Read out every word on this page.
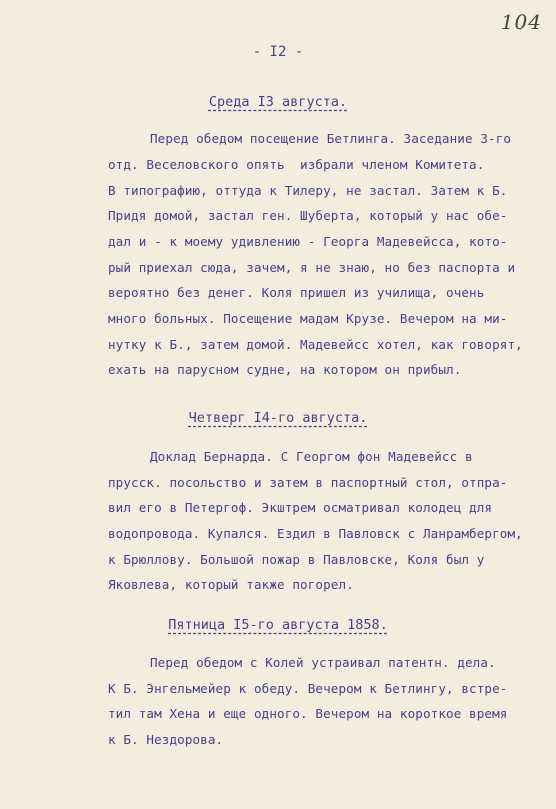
104
- I2 -
Среда I3 августа.
Перед обедом посещение Бетлинга. Заседание 3-го
отд. Веселовского опять  избрали членом Комитета.
В типографию, оттуда к Тилеру, не застал. Затем к Б.
Придя домой, застал ген. Шуберта, который у нас обе-
дал и - к моему удивлению - Георга Мадевейсса, кото-
рый приехал сюда, зачем, я не знаю, но без паспорта и
вероятно без денег. Коля пришел из училища, очень
много больных. Посещение мадам Крузе. Вечером на ми-
нутку к Б., затем домой. Мадевейсс хотел, как говорят,
ехать на парусном судне, на котором он прибыл.
Четверг I4-го августа.
Доклад Бернарда. С Георгом фон Мадевейсс в
прусск. посольство и затем в паспортный стол, отпра-
вил его в Петергоф. Экштрем осматривал колодец для
водопровода. Купался. Ездил в Павловск с Ланрамбергом,
к Брюллову. Большой пожар в Павловске, Коля был у
Яковлева, который также погорел.
Пятница I5-го августа 1858.
Перед обедом с Колей устраивал патентн. дела.
К Б. Энгельмейер к обеду. Вечером к Бетлингу, встре-
тил там Хена и еще одного. Вечером на короткое время
к Б. Нездорова.
